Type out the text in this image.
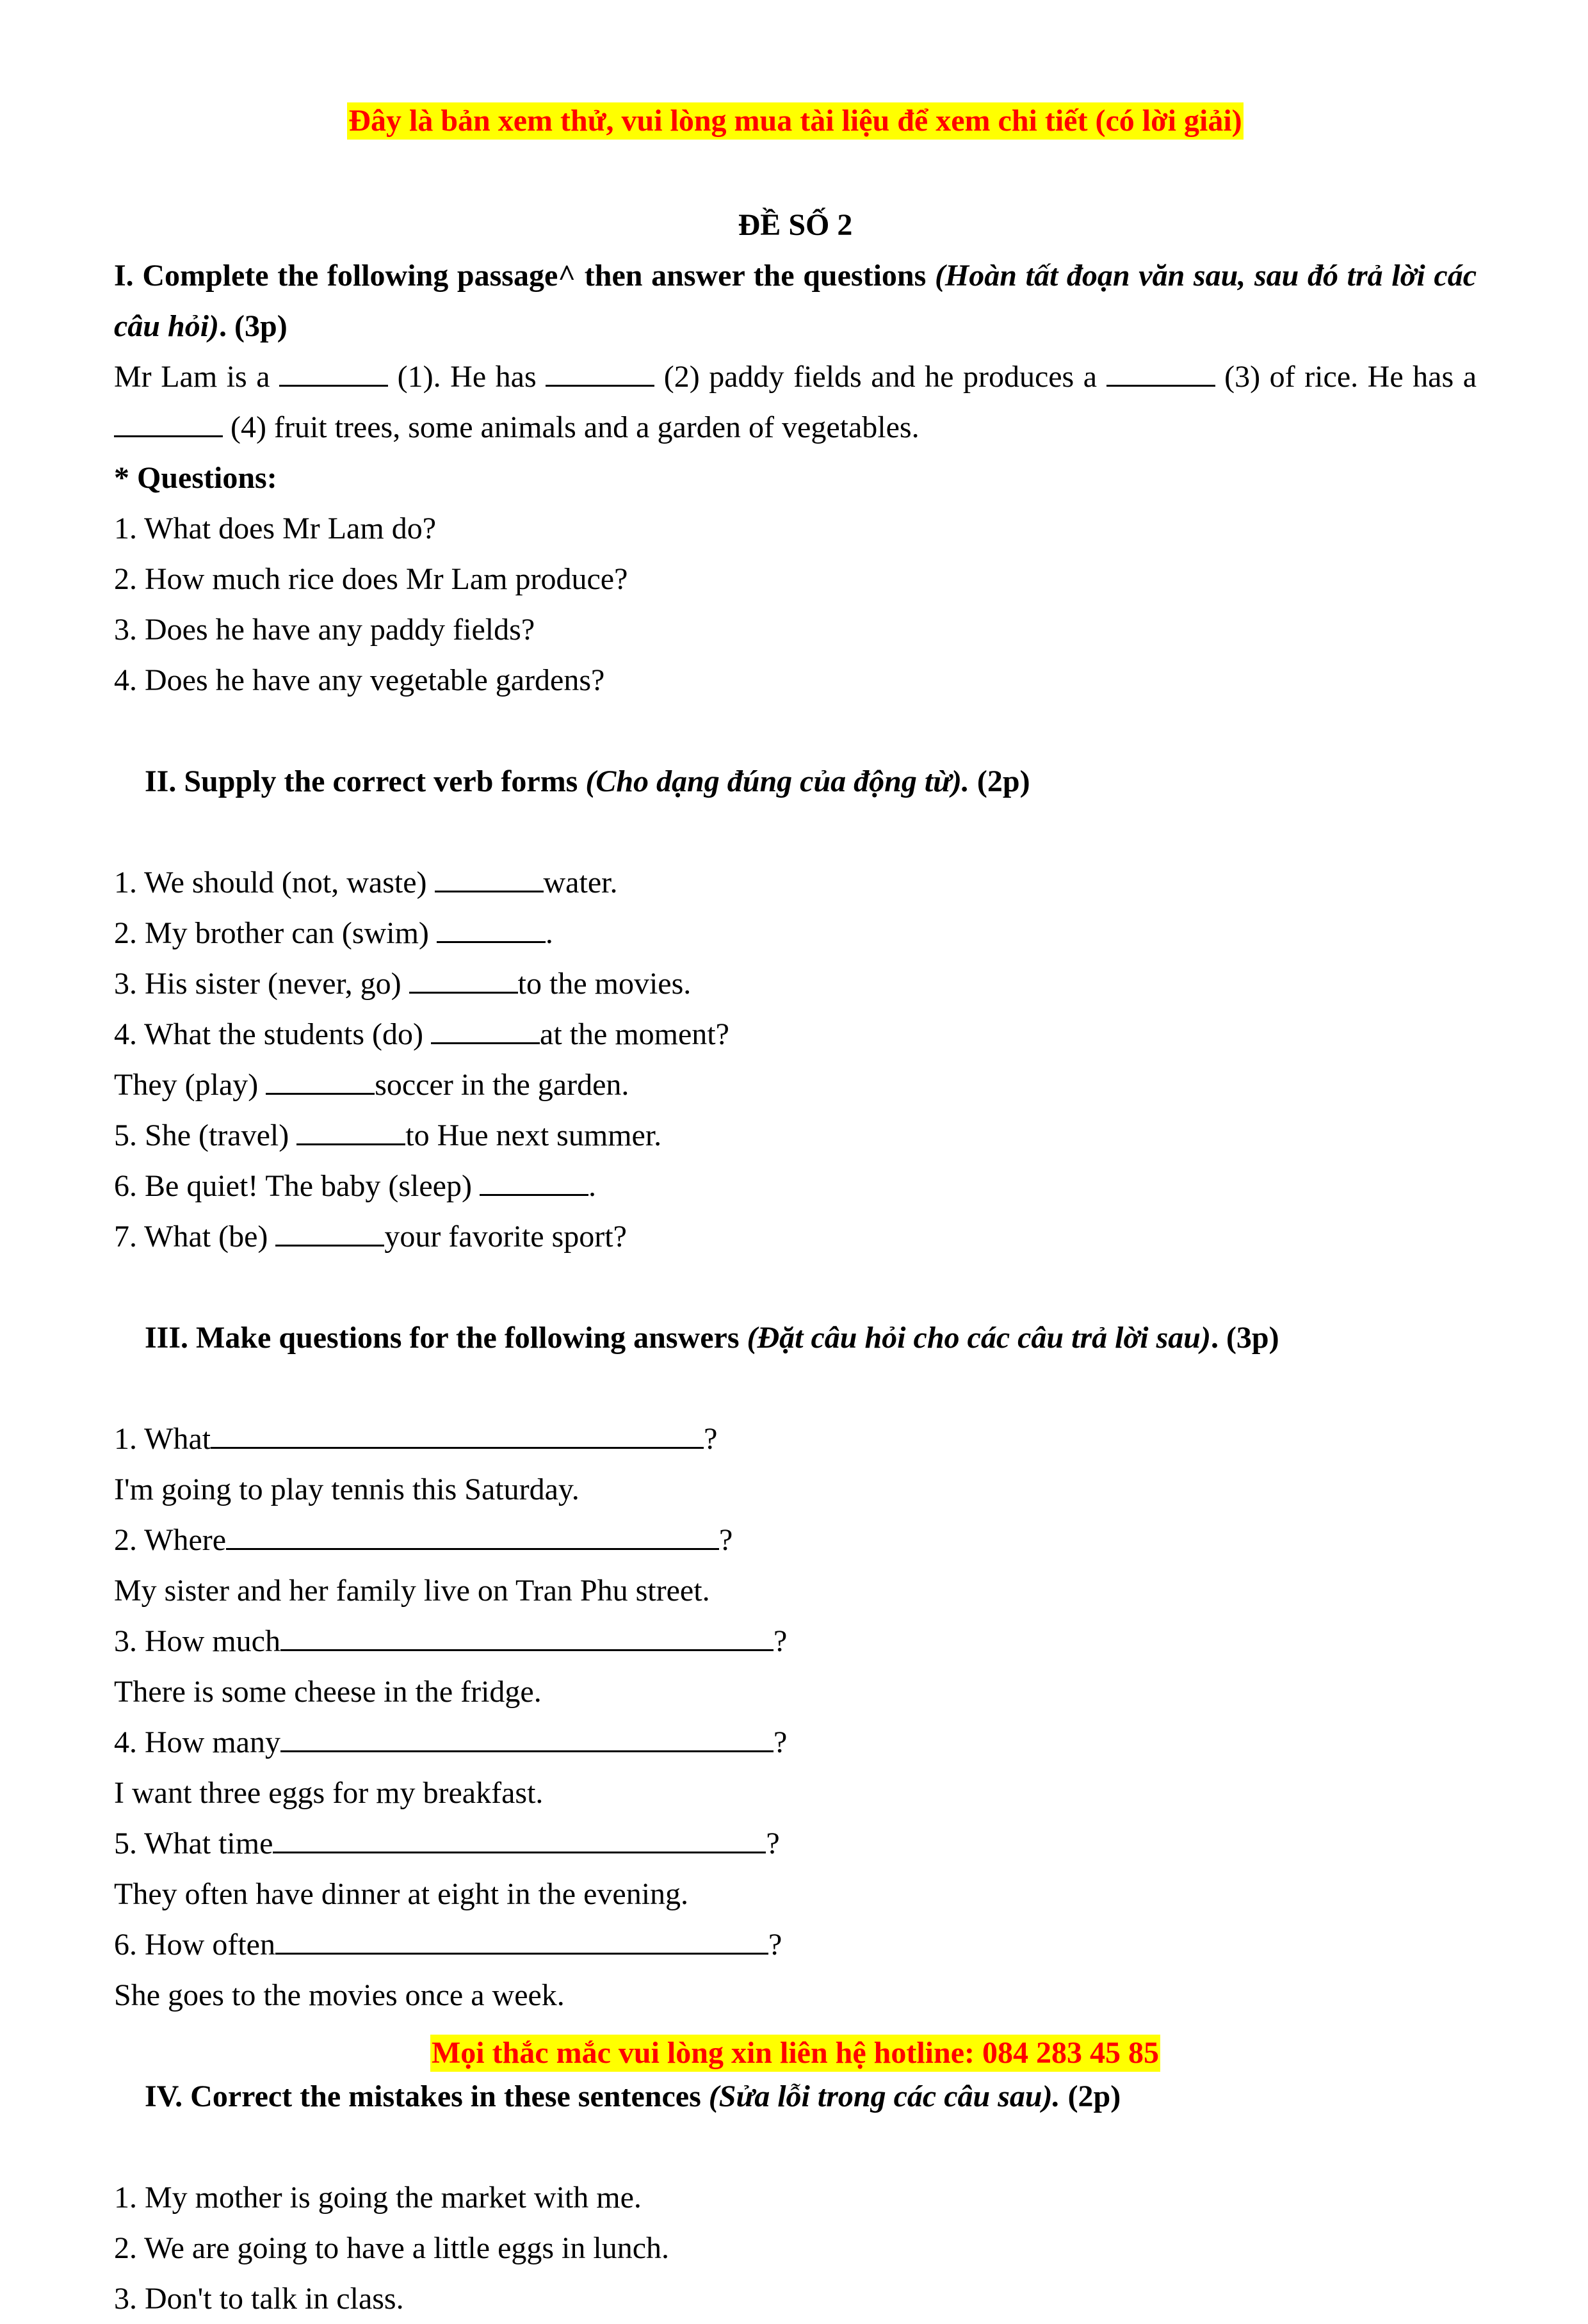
Đây là bản xem thử, vui lòng mua tài liệu để xem chi tiết (có lời giải)
ĐỀ SỐ 2
I. Complete the following passage^ then answer the questions (Hoàn tất đoạn văn sau, sau đó trả lời các câu hỏi). (3p)
Mr Lam is a	(1). He has	(2) paddy fields and he produces a	(3) of rice. He has a  (4) fruit trees, some animals and a garden of vegetables.
* Questions:
1. What does Mr Lam do?
2. How much rice does Mr Lam produce?
3. Does he have any paddy fields?
4. Does he have any vegetable gardens?

II. Supply the correct verb forms (Cho dạng đúng của động từ). (2p)

1. We should (not, waste)	water.
2. My brother can (swim)	.
3. His sister (never, go)	to the movies.
4. What the students (do)	at the moment?
They (play)	soccer in the garden.
5. She (travel)	to Hue next summer.
6. Be quiet! The baby (sleep)	.
7. What (be)	your favorite sport?

III. Make questions for the following answers (Đặt câu hỏi cho các câu trả lời sau). (3p)

1. What	?
I'm going to play tennis this Saturday.
2. Where	?
My sister and her family live on Tran Phu street.
3. How much	?
There is some cheese in the fridge.
4. How many	?
I want three eggs for my breakfast.
5. What time	?
They often have dinner at eight in the evening.
6. How often	?
She goes to the movies once a week.

IV. Correct the mistakes in these sentences (Sửa lỗi trong các câu sau). (2p)

1. My mother is going the market with me.
2. We are going to have a little eggs in lunch.
3. Don't to talk in class.
Mọi thắc mắc vui lòng xin liên hệ hotline: 084 283 45 85
